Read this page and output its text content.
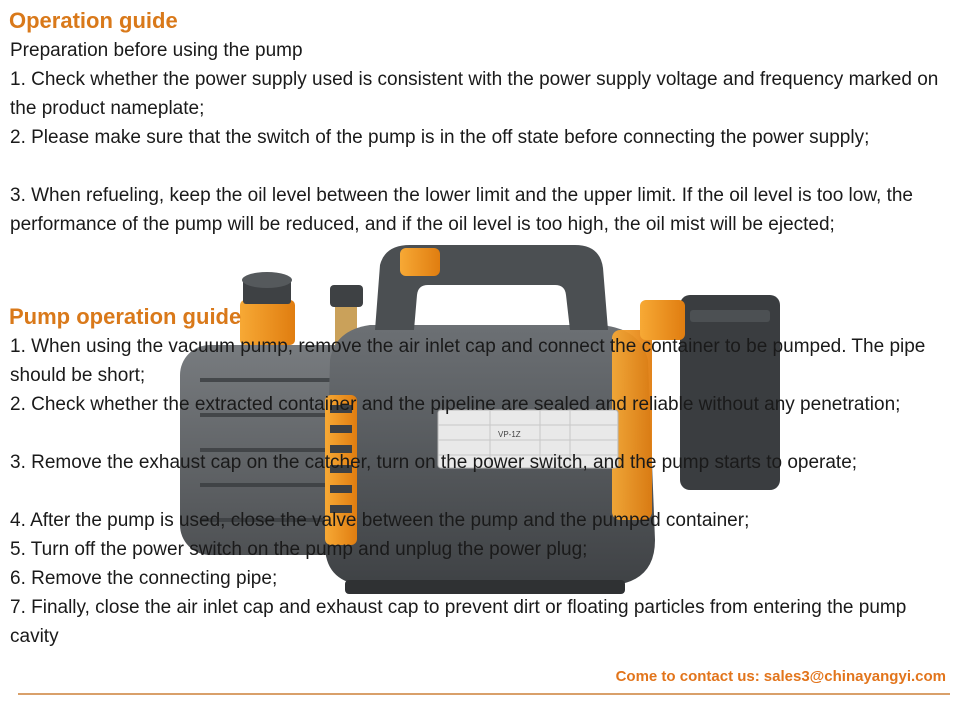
VP-1Z
Operation guide

Preparation before using the pump

1. Check whether the power supply used is consistent with the power supply voltage and frequency marked on the product nameplate;

2. Please make sure that the switch of the pump is in the off state before connecting the power supply;

3. When refueling, keep the oil level between the lower limit and the upper limit. If the oil level is too low, the performance of the pump will be reduced, and if the oil level is too high, the oil mist will be ejected;

Pump operation guide

1. When using the vacuum pump, remove the air inlet cap and connect the container to be pumped. The pipe should be short;

2. Check whether the extracted container and the pipeline are sealed and reliable without any penetration;

3. Remove the exhaust cap on the catcher, turn on the power switch, and the pump starts to operate;

4. After the pump is used, close the valve between the pump and the pumped container;

5. Turn off the power switch on the pump and unplug the power plug;

6. Remove the connecting pipe;

7. Finally, close the air inlet cap and exhaust cap to prevent dirt or floating particles from entering the pump cavity

Come to contact us: sales3@chinayangyi.com
